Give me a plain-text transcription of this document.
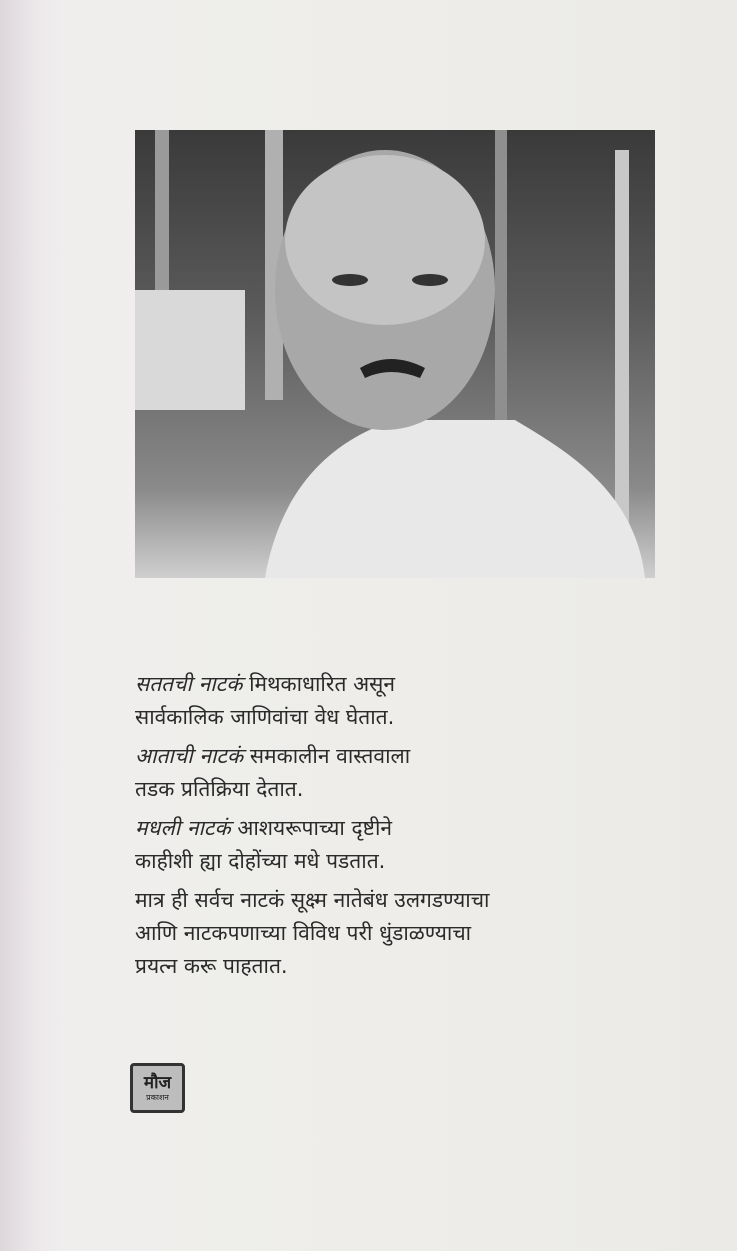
सततची नाटकं मिथकाधारित असून
सार्वकालिक जाणिवांचा वेध घेतात.

आताची नाटकं समकालीन वास्तवाला
तडक प्रतिक्रिया देतात.

मधली नाटकं आशयरूपाच्या दृष्टीने
काहीशी ह्या दोहोंच्या मधे पडतात.

मात्र ही सर्वच नाटकं सूक्ष्म नातेबंध उलगडण्याचा
आणि नाटकपणाच्या विविध परी धुंडाळण्याचा
प्रयत्न करू पाहतात.

मौज
प्रकाशन
